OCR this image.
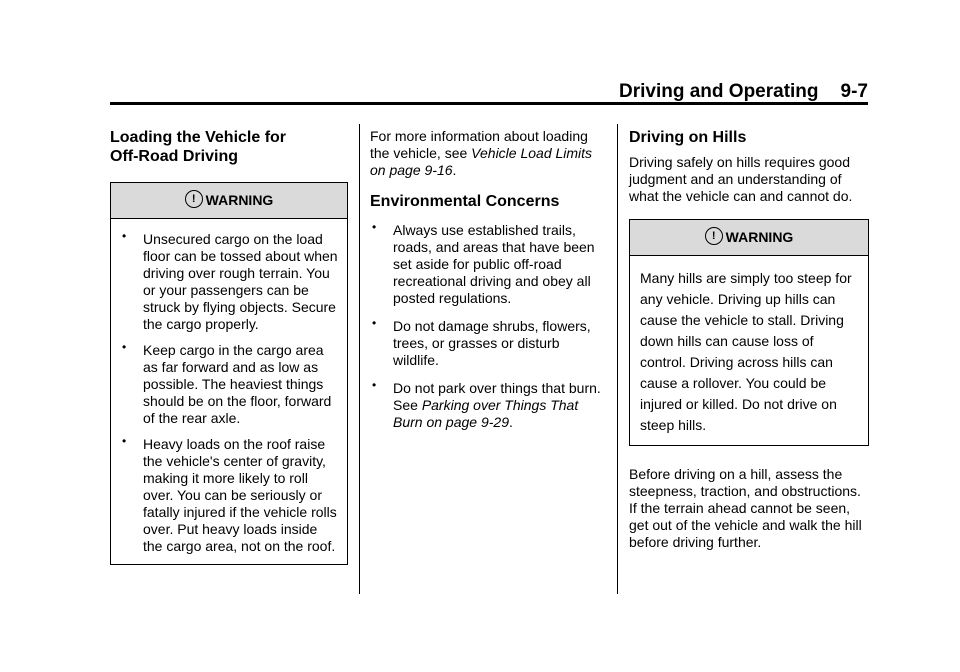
Driving and Operating 9-7
Loading the Vehicle for
Off-Road Driving
! WARNING
• Unsecured cargo on the load floor can be tossed about when driving over rough terrain. You or your passengers can be struck by flying objects. Secure the cargo properly.
• Keep cargo in the cargo area as far forward and as low as possible. The heaviest things should be on the floor, forward of the rear axle.
• Heavy loads on the roof raise the vehicle's center of gravity, making it more likely to roll over. You can be seriously or fatally injured if the vehicle rolls over. Put heavy loads inside the cargo area, not on the roof.

For more information about loading the vehicle, see Vehicle Load Limits on page 9-16.

Environmental Concerns
• Always use established trails, roads, and areas that have been set aside for public off-road recreational driving and obey all posted regulations.
• Do not damage shrubs, flowers, trees, or grasses or disturb wildlife.
• Do not park over things that burn. See Parking over Things That Burn on page 9-29.
Driving on Hills

Driving safely on hills requires good judgment and an understanding of what the vehicle can and cannot do.

! WARNING

Many hills are simply too steep for any vehicle. Driving up hills can cause the vehicle to stall. Driving down hills can cause loss of control. Driving across hills can cause a rollover. You could be injured or killed. Do not drive on steep hills.

Before driving on a hill, assess the steepness, traction, and obstructions. If the terrain ahead cannot be seen, get out of the vehicle and walk the hill before driving further.
